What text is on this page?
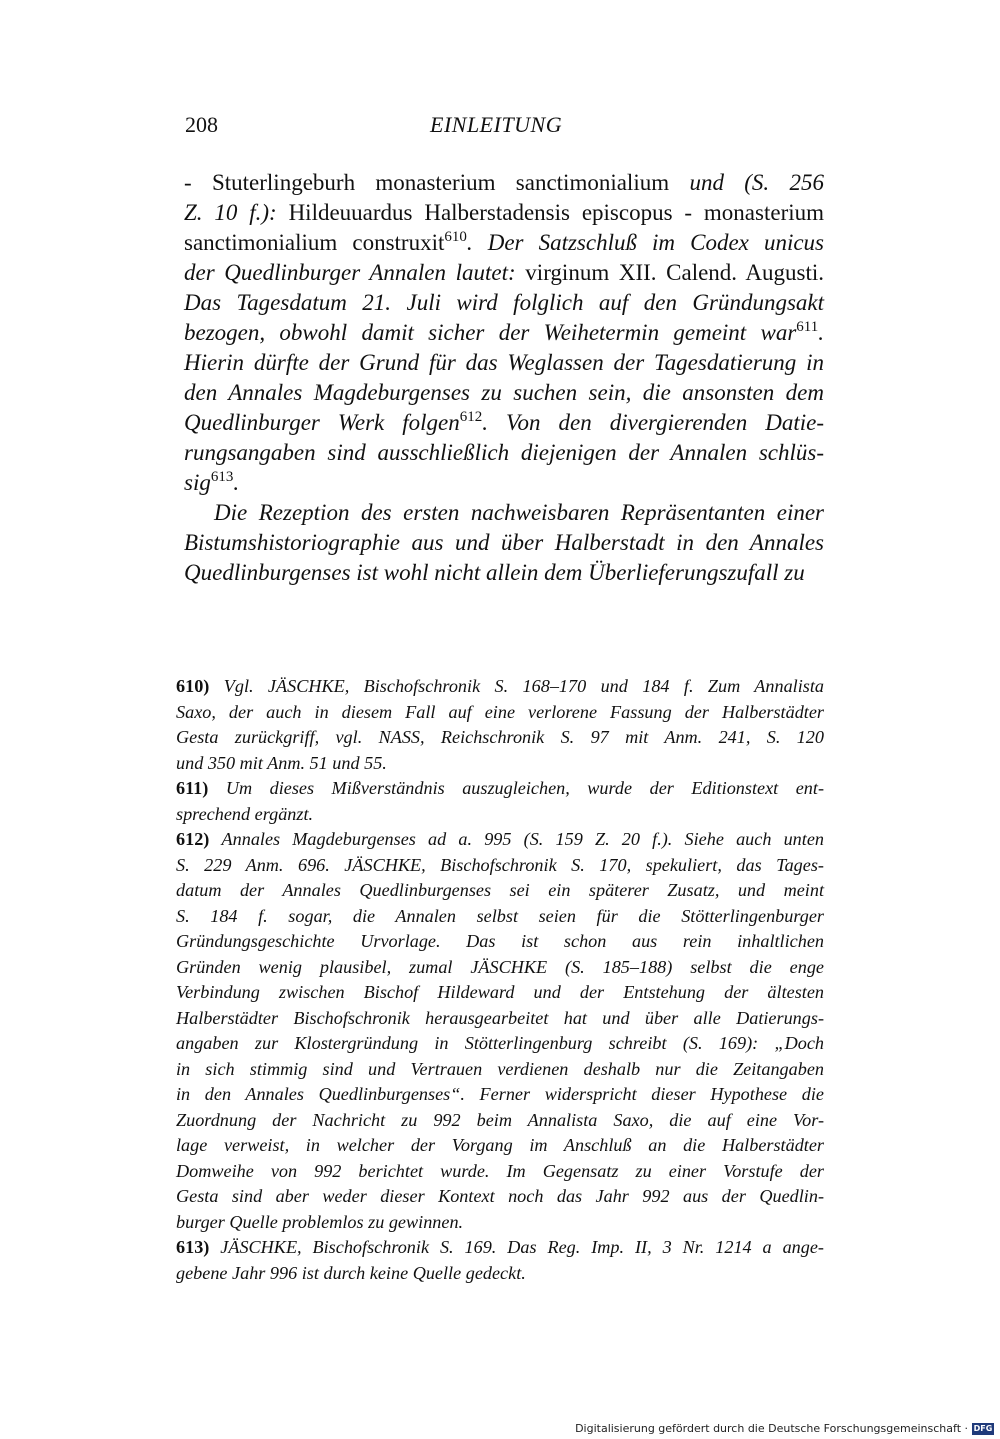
208	EINLEITUNG
- Stuterlingeburh monasterium sanctimonialium und (S. 256
Z. 10 f.): Hildeuuardus Halberstadensis episcopus - monasterium
sanctimonialium construxit$^{610}$. Der Satzschluß im Codex unicus
der Quedlinburger Annalen lautet: virginum XII. Calend. Augusti.
Das Tagesdatum 21. Juli wird folglich auf den Gründungsakt
bezogen, obwohl damit sicher der Weihetermin gemeint war$^{611}$.
Hierin dürfte der Grund für das Weglassen der Tagesdatierung in
den Annales Magdeburgenses zu suchen sein, die ansonsten dem
Quedlinburger Werk folgen$^{612}$. Von den divergierenden Datie-
rungsangaben sind ausschließlich diejenigen der Annalen schlüs-
sig$^{613}$.
Die Rezeption des ersten nachweisbaren Repräsentanten einer
Bistumshistoriographie aus und über Halberstadt in den Annales
Quedlinburgenses ist wohl nicht allein dem Überlieferungszufall zu
610) Vgl. JÄSCHKE, Bischofschronik S. 168–170 und 184 f. Zum Annalista
Saxo, der auch in diesem Fall auf eine verlorene Fassung der Halberstädter
Gesta zurückgriff, vgl. NASS, Reichschronik S. 97 mit Anm. 241, S. 120
und 350 mit Anm. 51 und 55.
611) Um dieses Mißverständnis auszugleichen, wurde der Editionstext ent-
sprechend ergänzt.
612) Annales Magdeburgenses ad a. 995 (S. 159 Z. 20 f.). Siehe auch unten
S. 229 Anm. 696. JÄSCHKE, Bischofschronik S. 170, spekuliert, das Tages-
datum der Annales Quedlinburgenses sei ein späterer Zusatz, und meint
S. 184 f. sogar, die Annalen selbst seien für die Stötterlingenburger
Gründungsgeschichte Urvorlage. Das ist schon aus rein inhaltlichen
Gründen wenig plausibel, zumal JÄSCHKE (S. 185–188) selbst die enge
Verbindung zwischen Bischof Hildeward und der Entstehung der ältesten
Halberstädter Bischofschronik herausgearbeitet hat und über alle Datierungs-
angaben zur Klostergründung in Stötterlingenburg schreibt (S. 169): „Doch
in sich stimmig sind und Vertrauen verdienen deshalb nur die Zeitangaben
in den Annales Quedlinburgenses“. Ferner widerspricht dieser Hypothese die
Zuordnung der Nachricht zu 992 beim Annalista Saxo, die auf eine Vor-
lage verweist, in welcher der Vorgang im Anschluß an die Halberstädter
Domweihe von 992 berichtet wurde. Im Gegensatz zu einer Vorstufe der
Gesta sind aber weder dieser Kontext noch das Jahr 992 aus der Quedlin-
burger Quelle problemlos zu gewinnen.
613) JÄSCHKE, Bischofschronik S. 169. Das Reg. Imp. II, 3 Nr. 1214 a ange-
gebene Jahr 996 ist durch keine Quelle gedeckt.
Digitalisierung gefördert durch die Deutsche Forschungsgemeinschaft · DFG
